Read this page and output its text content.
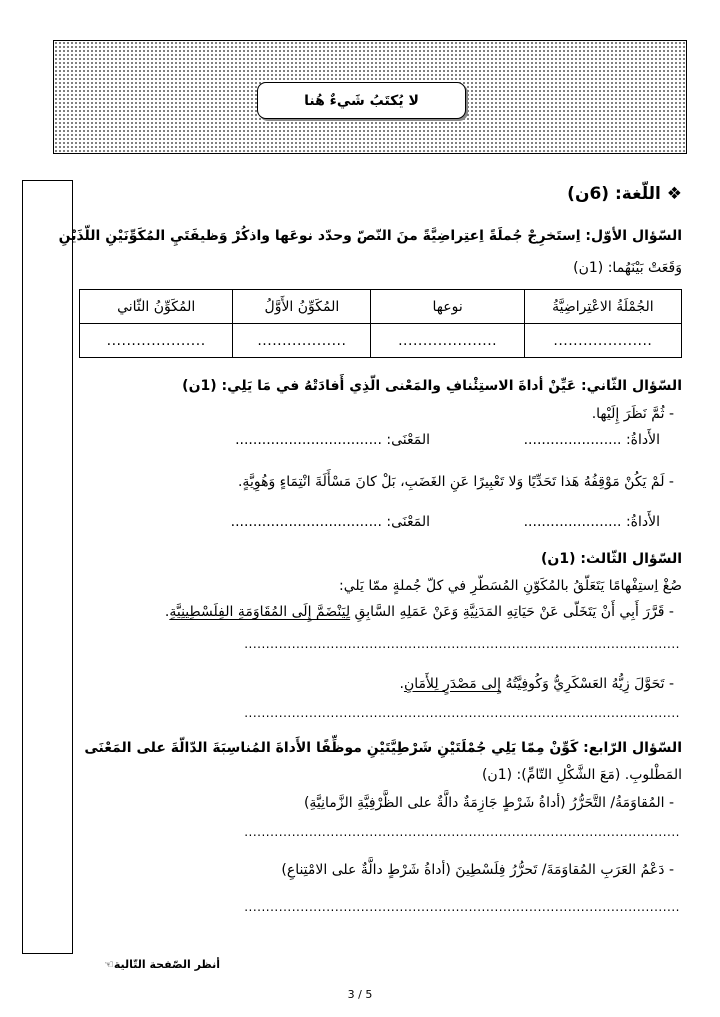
لا يُكتَبُ شَيءٌ هُنا
❖ اللّغة: (6ن)
السّؤال الأوّل: اِستَخرِجْ جُملَةً اِعتِراضِيَّةً منَ النّصّ وحدّد نوعَها واذكُرْ وَظيفَتَيِ المُكَوِّنَيْنِ اللّذَيْنِ
وَقَعَتْ بَيْنَهُما: (1ن)
الجُمْلَةُ الاعْتِراضِيَّةُ	نوعها	المُكَوِّنُ الأَوَّلُ	المُكَوِّنُ الثّاني
....................	....................	..................	....................
السّؤال الثّاني: عَيِّنْ أداةَ الاستِئْنافِ والمَعْنى الّذِي أَفادَتْهُ في مَا يَلِي: (1ن)
- ثُمَّ نَظَرَ إِلَيْها.
الأَداةُ: ......................
المَعْنَى: .................................
- لَمْ يَكُنْ مَوْقِفُهُ هَذا تَحَدِّيًا وَلا تَعْبِيرًا عَنِ الغَضَبِ، بَلْ كانَ مَسْأَلَةَ انْتِمَاءٍ وَهُوِيَّةٍ.
الأَداةُ: ......................
المَعْنَى: ..................................
السّؤال الثّالث: (1ن)
صُغْ اِستِفْهامًا يَتَعَلّقُ بالمُكَوّنِ المُسَطّرِ في كلّ جُملةٍ ممّا يَلي:
- قَرَّرَ أَبِي أَنْ يَتَخَلّى عَنْ حَيَاتِهِ المَدَنِيَّةِ وَعَنْ عَمَلِهِ السَّابِقِ لِيَنْضَمَّ إِلَى المُقَاوَمَةِ الفِلَسْطِينِيَّةِ.
.....................................................................................................
- تَحَوَّلَ زِيُّهُ العَسْكَرِيُّ وَكُوفِيَّتُهُ إِلى مَصْدَرٍ لِلأَمَانِ.
.....................................................................................................
السّؤال الرّابع: كَوِّنْ مِمّا يَلِي جُمْلَتَيْنِ شَرْطِيَّتَيْنِ موظِّفًا الأَداةَ المُناسِبَةَ الدّالّةَ على المَعْنَى
المَطْلوبِ. (مَعَ الشَّكْلِ التّامِّ): (1ن)
- المُقاوَمَةُ/ التَّحَرُّرُ (أداةُ شَرْطٍ جَازِمَةٌ دالَّةٌ على الظَّرْفِيَّةِ الزَّمانِيَّةِ)
.....................................................................................................
- دَعْمُ العَرَبِ المُقاوَمَةَ/ تَحرُّرُ فِلَسْطِينَ (أداةُ شَرْطٍ دالَّةٌ على الامْتِناعِ)
.....................................................................................................
أنظر الصّفحة التّالية☜
3 / 5
